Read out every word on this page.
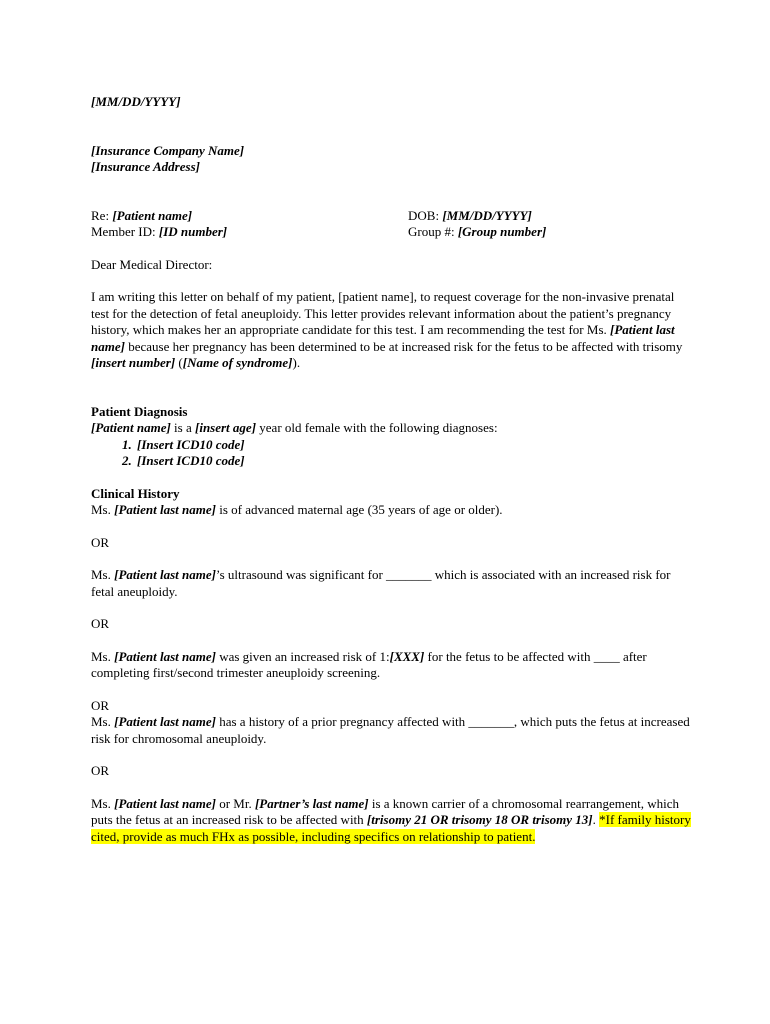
[MM/DD/YYYY]

[Insurance Company Name]

[Insurance Address]

Re: [Patient name]	DOB: [MM/DD/YYYY]
Member ID: [ID number]	Group #: [Group number]

Dear Medical Director:

I am writing this letter on behalf of my patient, [patient name], to request coverage for the non-invasive prenatal test for the detection of fetal aneuploidy. This letter provides relevant information about the patient’s pregnancy history, which makes her an appropriate candidate for this test. I am recommending the test for Ms. [Patient last name] because her pregnancy has been determined to be at increased risk for the fetus to be affected with trisomy [insert number] ([Name of syndrome]).

Patient Diagnosis

[Patient name] is a [insert age] year old female with the following diagnoses:

1. [Insert ICD10 code]
2. [Insert ICD10 code]

Clinical History

Ms. [Patient last name] is of advanced maternal age (35 years of age or older).

OR

Ms. [Patient last name]’s ultrasound was significant for _______ which is associated with an increased risk for fetal aneuploidy.

OR

Ms. [Patient last name] was given an increased risk of 1:[XXX] for the fetus to be affected with ____ after completing first/second trimester aneuploidy screening.

OR

Ms. [Patient last name] has a history of a prior pregnancy affected with _______, which puts the fetus at increased risk for chromosomal aneuploidy.

OR

Ms. [Patient last name] or Mr. [Partner’s last name] is a known carrier of a chromosomal rearrangement, which puts the fetus at an increased risk to be affected with [trisomy 21 OR trisomy 18 OR trisomy 13]. *If family history cited, provide as much FHx as possible, including specifics on relationship to patient.
